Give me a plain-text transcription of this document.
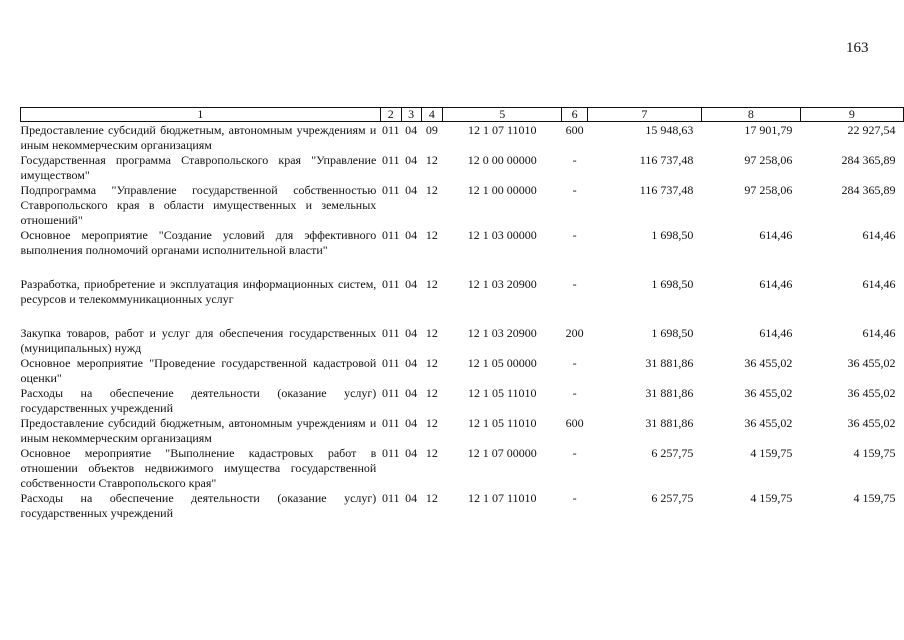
163
1	2	3	4	5	6	7	8	9
Предоставление субсидий бюджетным, автономным учреждениям и иным некоммерческим организациям	011	04	09	12 1 07 11010	600	15 948,63	17 901,79	22 927,54
Государственная программа Ставропольского края "Управление имуществом"	011	04	12	12 0 00 00000	-	116 737,48	97 258,06	284 365,89
Подпрограмма "Управление государственной собственностью Ставропольского края в области имущественных и земельных отношений"	011	04	12	12 1 00 00000	-	116 737,48	97 258,06	284 365,89
Основное мероприятие "Создание условий для эффективного выполнения полномочий органами исполнительной власти"	011	04	12	12 1 03 00000	-	1 698,50	614,46	614,46
Разработка, приобретение и эксплуатация информационных систем, ресурсов и телекоммуникационных услуг	011	04	12	12 1 03 20900	-	1 698,50	614,46	614,46
Закупка товаров, работ и услуг для обеспечения государственных (муниципальных) нужд	011	04	12	12 1 03 20900	200	1 698,50	614,46	614,46
Основное мероприятие "Проведение государственной кадастровой оценки"	011	04	12	12 1 05 00000	-	31 881,86	36 455,02	36 455,02
Расходы на обеспечение деятельности (оказание услуг) государственных учреждений	011	04	12	12 1 05 11010	-	31 881,86	36 455,02	36 455,02
Предоставление субсидий бюджетным, автономным учреждениям и иным некоммерческим организациям	011	04	12	12 1 05 11010	600	31 881,86	36 455,02	36 455,02
Основное мероприятие "Выполнение кадастровых работ в отношении объектов недвижимого имущества государственной собственности Ставропольского края"	011	04	12	12 1 07 00000	-	6 257,75	4 159,75	4 159,75
Расходы на обеспечение деятельности (оказание услуг) государственных учреждений	011	04	12	12 1 07 11010	-	6 257,75	4 159,75	4 159,75
